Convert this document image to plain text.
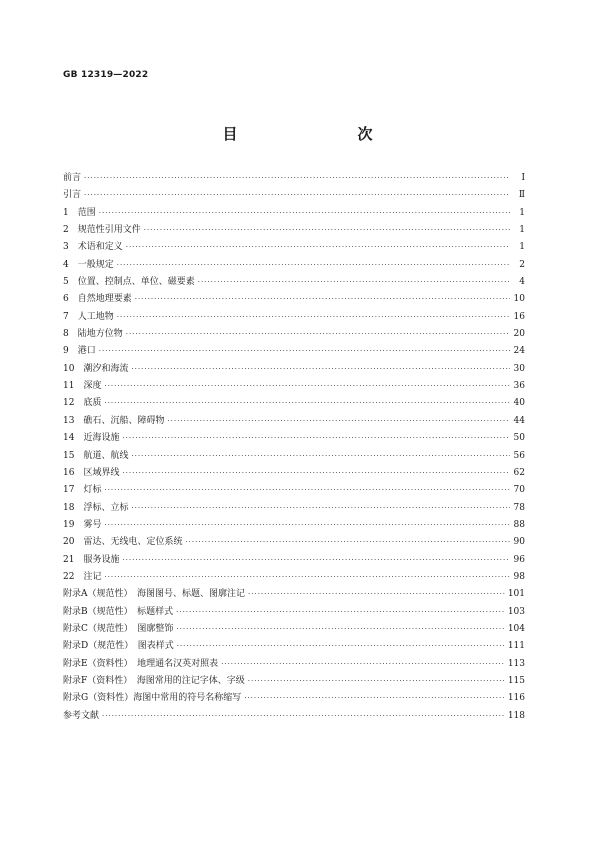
GB 12319—2022
目　　次
前言 ·····	Ⅰ
引言 ·····	Ⅱ
1　范围 ·····	1
2　规范性引用文件 ·····	1
3　术语和定义 ·····	1
4　一般规定 ·····	2
5　位置、控制点、单位、磁要素 ·····	4
6　自然地理要素 ·····	10
7　人工地物 ·····	16
8　陆地方位物 ·····	20
9　港口 ·····	24
10　潮汐和海流 ·····	30
11　深度 ·····	36
12　底质 ·····	40
13　礁石、沉船、障碍物 ·····	44
14　近海设施 ·····	50
15　航道、航线 ·····	56
16　区域界线 ·····	62
17　灯标 ·····	70
18　浮标、立标 ·····	78
19　雾号 ·····	88
20　雷达、无线电、定位系统 ·····	90
21　服务设施 ·····	96
22　注记 ·····	98
附录A（规范性）　海图图号、标题、图廓注记 ·····	101
附录B（规范性）　标题样式 ·····	103
附录C（规范性）　图廓整饰 ·····	104
附录D（规范性）　图表样式 ·····	111
附录E（资料性）　地理通名汉英对照表 ·····	113
附录F（资料性）　海图常用的注记字体、字级 ·····	115
附录G（资料性）海图中常用的符号名称缩写 ·····	116
参考文献 ·····	118
